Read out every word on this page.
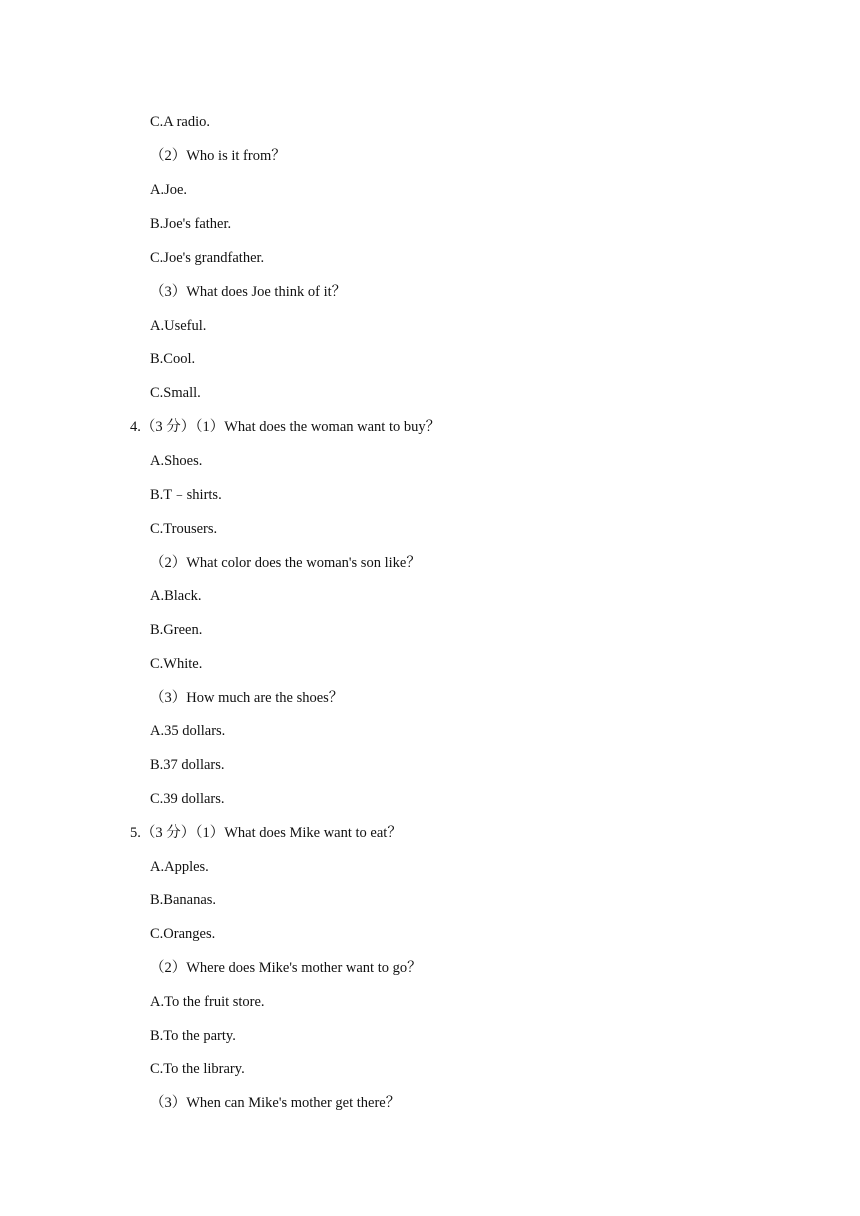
C.A radio.
（2）Who is it from？
A.Joe.
B.Joe's father.
C.Joe's grandfather.
（3）What does Joe think of it？
A.Useful.
B.Cool.
C.Small.
4.（3 分）（1）What does the woman want to buy？
A.Shoes.
B.T﹣shirts.
C.Trousers.
（2）What color does the woman's son like？
A.Black.
B.Green.
C.White.
（3）How much are the shoes？
A.35 dollars.
B.37 dollars.
C.39 dollars.
5.（3 分）（1）What does Mike want to eat？
A.Apples.
B.Bananas.
C.Oranges.
（2）Where does Mike's mother want to go？
A.To the fruit store.
B.To the party.
C.To the library.
（3）When can Mike's mother get there？
